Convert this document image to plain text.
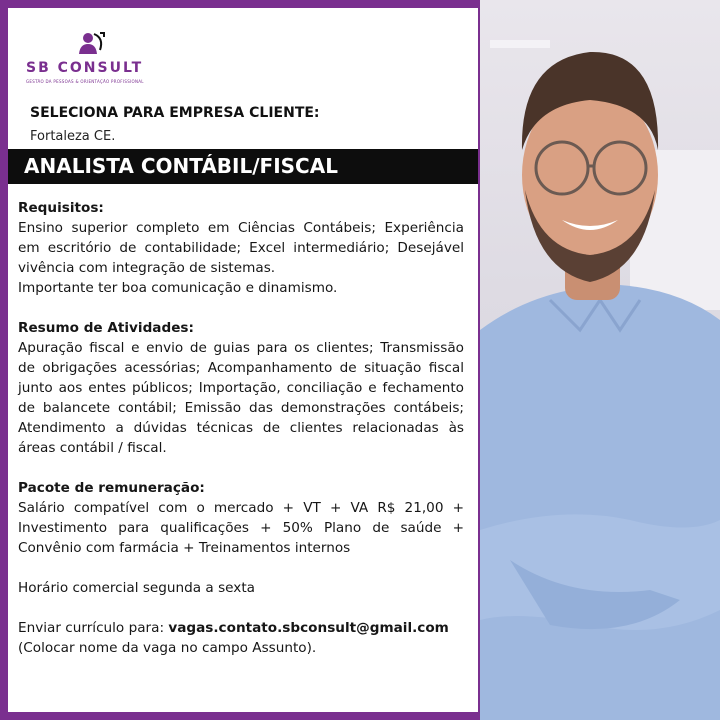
SB CONSULT
GESTÃO DA PESSOAS & ORIENTAÇÃO PROFISSIONAL
SELECIONA PARA EMPRESA CLIENTE:
Fortaleza CE.
ANALISTA CONTÁBIL/FISCAL

Requisitos:

Ensino superior completo em Ciências Contábeis; Experiência em escritório de contabilidade; Excel intermediário; Desejável vivência com integração de sistemas.

Importante ter boa comunicação e dinamismo.

Resumo de Atividades:

Apuração fiscal e envio de guias para os clientes; Transmissão de obrigações acessórias; Acompanhamento de situação fiscal junto aos entes públicos; Importação, conciliação e fechamento de balancete contábil; Emissão das demonstrações contábeis; Atendimento a dúvidas técnicas de clientes relacionadas às áreas contábil / fiscal.

Pacote de remuneração:

Salário compatível com o mercado + VT + VA R$ 21,00 + Investimento para qualificações + 50% Plano de saúde + Convênio com farmácia + Treinamentos internos

Horário comercial segunda a sexta

Enviar currículo para: vagas.contato.sbconsult@gmail.com

(Colocar nome da vaga no campo Assunto).
